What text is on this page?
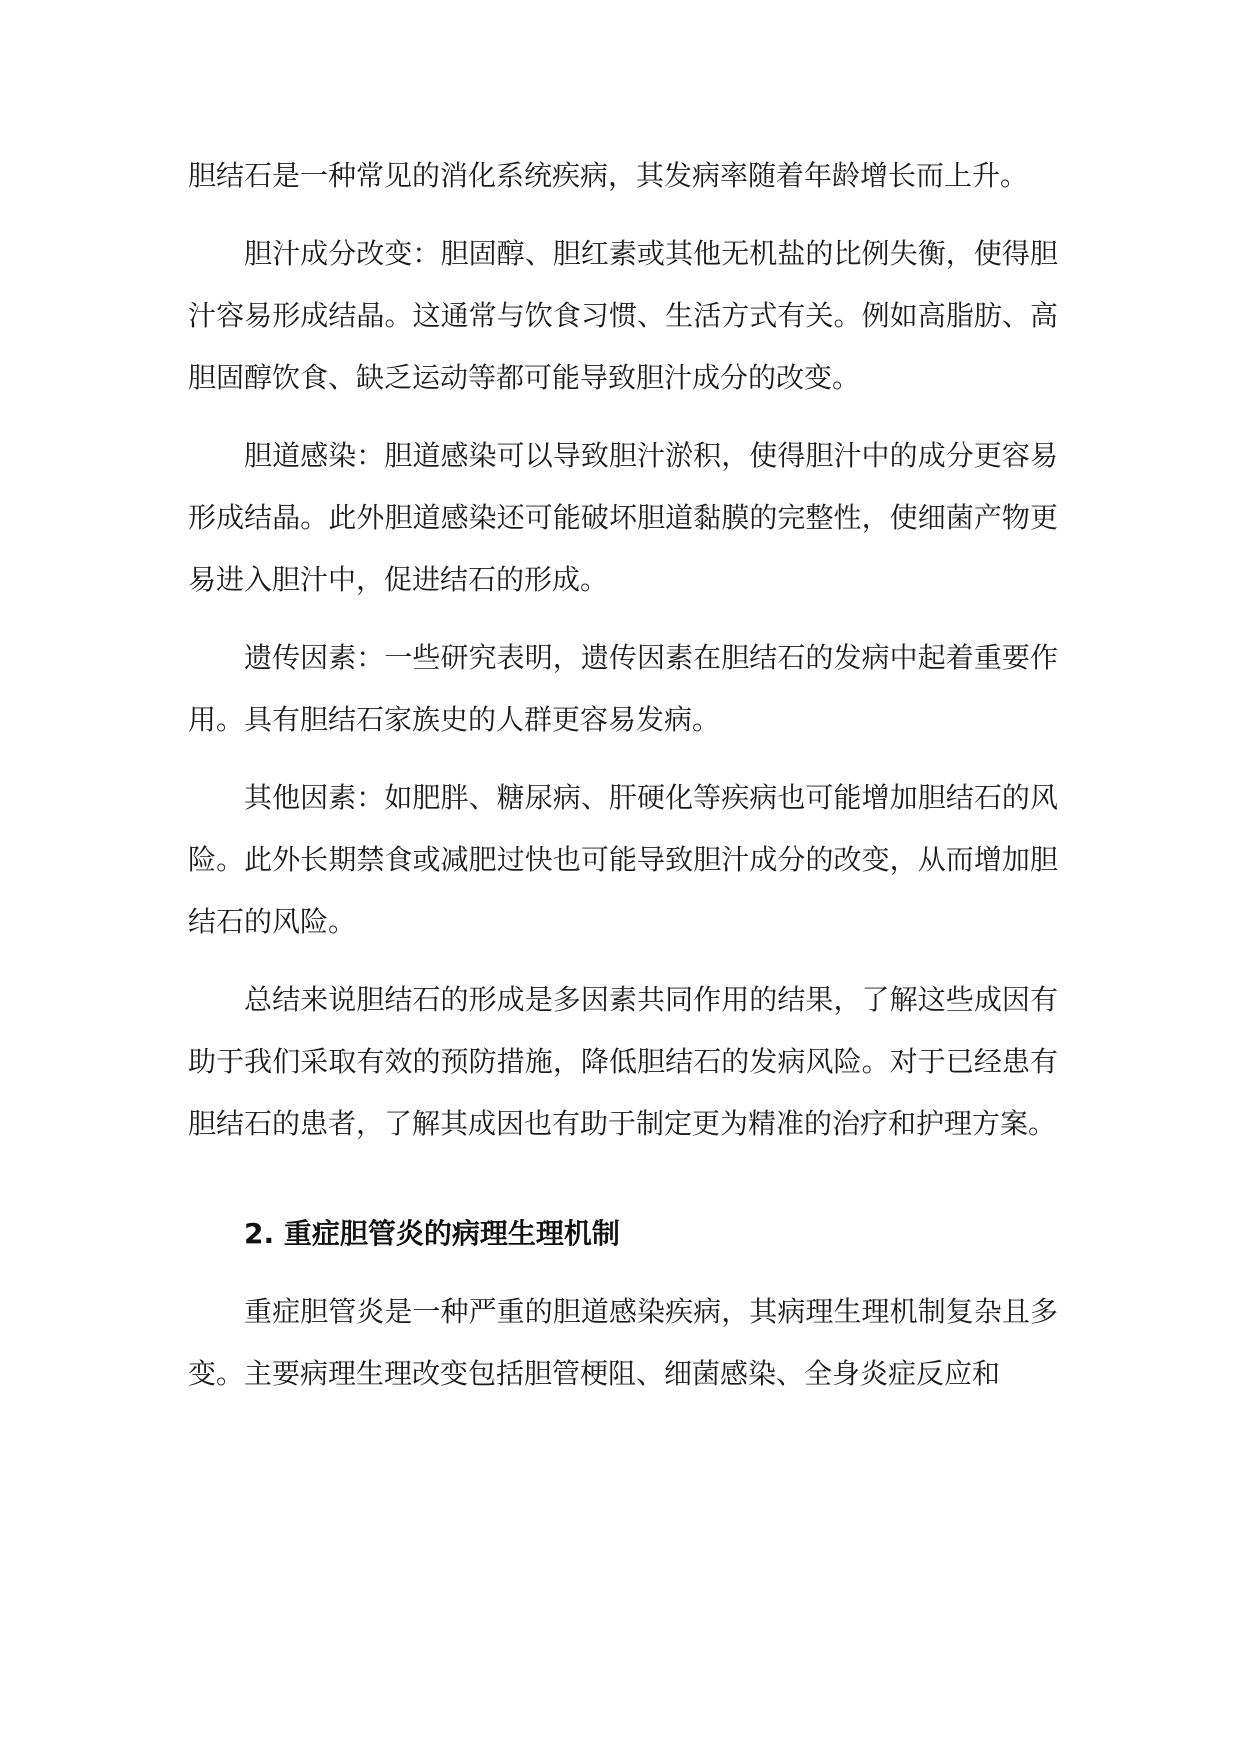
胆结石是一种常见的消化系统疾病，其发病率随着年龄增长而上升。

胆汁成分改变：胆固醇、胆红素或其他无机盐的比例失衡，使得胆汁容易形成结晶。这通常与饮食习惯、生活方式有关。例如高脂肪、高胆固醇饮食、缺乏运动等都可能导致胆汁成分的改变。

胆道感染：胆道感染可以导致胆汁淤积，使得胆汁中的成分更容易形成结晶。此外胆道感染还可能破坏胆道黏膜的完整性，使细菌产物更易进入胆汁中，促进结石的形成。

遗传因素：一些研究表明，遗传因素在胆结石的发病中起着重要作用。具有胆结石家族史的人群更容易发病。

其他因素：如肥胖、糖尿病、肝硬化等疾病也可能增加胆结石的风险。此外长期禁食或减肥过快也可能导致胆汁成分的改变，从而增加胆结石的风险。

总结来说胆结石的形成是多因素共同作用的结果，了解这些成因有助于我们采取有效的预防措施，降低胆结石的发病风险。对于已经患有胆结石的患者，了解其成因也有助于制定更为精准的治疗和护理方案。

2. 重症胆管炎的病理生理机制

重症胆管炎是一种严重的胆道感染疾病，其病理生理机制复杂且多变。主要病理生理改变包括胆管梗阻、细菌感染、全身炎症反应和
